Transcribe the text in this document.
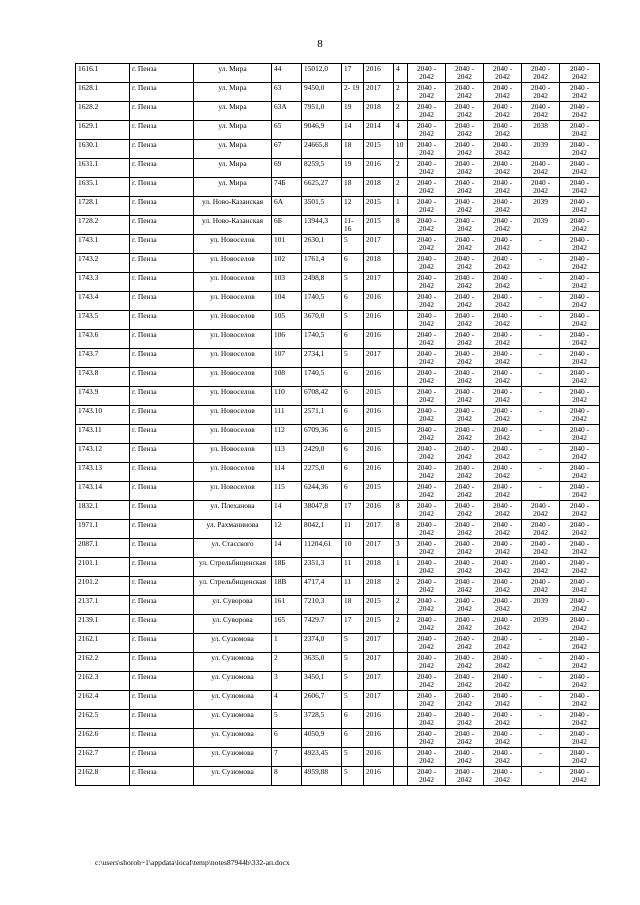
8
1616.1	г. Пенза	ул. Мира	44	15012,0	17	2016	4	2040 - 2042	2040 - 2042	2040 - 2042	2040 - 2042	2040 - 2042
1628.1	г. Пенза	ул. Мира	63	9450,0	2- 19	2017	2	2040 - 2042	2040 - 2042	2040 - 2042	2040 - 2042	2040 - 2042
1628.2	г. Пенза	ул. Мира	63А	7951,0	19	2018	2	2040 - 2042	2040 - 2042	2040 - 2042	2040 - 2042	2040 - 2042
1629.1	г. Пенза	ул. Мира	65	9046,9	14	2014	4	2040 - 2042	2040 - 2042	2040 - 2042	2038	2040 - 2042
1630.1	г. Пенза	ул. Мира	67	24665,8	18	2015	10	2040 - 2042	2040 - 2042	2040 - 2042	2039	2040 - 2042
1631.1	г. Пенза	ул. Мира	69	8259,5	19	2016	2	2040 - 2042	2040 - 2042	2040 - 2042	2040 - 2042	2040 - 2042
1635.1	г. Пенза	ул. Мира	74Б	6625,27	18	2018	2	2040 - 2042	2040 - 2042	2040 - 2042	2040 - 2042	2040 - 2042
1728.1	г. Пенза	ул. Ново-Казанская	6А	3501,5	12	2015	1	2040 - 2042	2040 - 2042	2040 - 2042	2039	2040 - 2042
1728.2	г. Пенза	ул. Ново-Казанская	6Б	13944,3	11- 16	2015	8	2040 - 2042	2040 - 2042	2040 - 2042	2039	2040 - 2042
1743.1	г. Пенза	ул. Новоселов	101	2630,1	5	2017		2040 - 2042	2040 - 2042	2040 - 2042	-	2040 - 2042
1743.2	г. Пенза	ул. Новоселов	102	1761,4	6	2018		2040 - 2042	2040 - 2042	2040 - 2042	-	2040 - 2042
1743.3	г. Пенза	ул. Новоселов	103	2498,8	5	2017		2040 - 2042	2040 - 2042	2040 - 2042	-	2040 - 2042
1743.4	г. Пенза	ул. Новоселов	104	1740,5	6	2016		2040 - 2042	2040 - 2042	2040 - 2042	-	2040 - 2042
1743.5	г. Пенза	ул. Новоселов	105	3670,0	5	2016		2040 - 2042	2040 - 2042	2040 - 2042	-	2040 - 2042
1743.6	г. Пенза	ул. Новоселов	106	1740,5	6	2016		2040 - 2042	2040 - 2042	2040 - 2042	-	2040 - 2042
1743.7	г. Пенза	ул. Новоселов	107	2734,1	5	2017		2040 - 2042	2040 - 2042	2040 - 2042	-	2040 - 2042
1743.8	г. Пенза	ул. Новоселов	108	1740,5	6	2016		2040 - 2042	2040 - 2042	2040 - 2042	-	2040 - 2042
1743.9	г. Пенза	ул. Новоселов	110	6708,42	6	2015		2040 - 2042	2040 - 2042	2040 - 2042	-	2040 - 2042
1743.10	г. Пенза	ул. Новоселов	111	2571,1	6	2016		2040 - 2042	2040 - 2042	2040 - 2042	-	2040 - 2042
1743.11	г. Пенза	ул. Новоселов	112	6709,36	6	2015		2040 - 2042	2040 - 2042	2040 - 2042	-	2040 - 2042
1743.12	г. Пенза	ул. Новоселов	113	2429,0	6	2016		2040 - 2042	2040 - 2042	2040 - 2042	-	2040 - 2042
1743.13	г. Пенза	ул. Новоселов	114	2275,0	6	2016		2040 - 2042	2040 - 2042	2040 - 2042	-	2040 - 2042
1743.14	г. Пенза	ул. Новоселов	115	6244,36	6	2015		2040 - 2042	2040 - 2042	2040 - 2042	-	2040 - 2042
1832.1	г. Пенза	ул. Плеханова	14	38047,8	17	2016	8	2040 - 2042	2040 - 2042	2040 - 2042	2040 - 2042	2040 - 2042
1971.1	г. Пенза	ул. Рахманинова	12	8042,1	11	2017	8	2040 - 2042	2040 - 2042	2040 - 2042	2040 - 2042	2040 - 2042
2087.1	г. Пенза	ул. Стасского	14	11204,61	10	2017	3	2040 - 2042	2040 - 2042	2040 - 2042	2040 - 2042	2040 - 2042
2101.1	г. Пенза	ул. Стрельбищенская	18Б	2351,3	11	2018	1	2040 - 2042	2040 - 2042	2040 - 2042	2040 - 2042	2040 - 2042
2101.2	г. Пенза	ул. Стрельбищенская	18В	4717,4	11	2018	2	2040 - 2042	2040 - 2042	2040 - 2042	2040 - 2042	2040 - 2042
2137.1	г. Пенза	ул. Суворова	161	7210,3	18	2015	2	2040 - 2042	2040 - 2042	2040 - 2042	2039	2040 - 2042
2139.1	г. Пенза	ул. Суворова	165	7429.7	17	2015	2	2040 - 2042	2040 - 2042	2040 - 2042	2039	2040 - 2042
2162.1	г. Пенза	ул. Сузюмова	1	2374,0	5	2017		2040 - 2042	2040 - 2042	2040 - 2042	-	2040 - 2042
2162.2	г. Пенза	ул. Сузюмова	2	3635,0	5	2017		2040 - 2042	2040 - 2042	2040 - 2042	-	2040 - 2042
2162.3	г. Пенза	ул. Сузюмова	3	3450,1	5	2017		2040 - 2042	2040 - 2042	2040 - 2042	-	2040 - 2042
2162.4	г. Пенза	ул. Сузюмова	4	2606,7	5	2017		2040 - 2042	2040 - 2042	2040 - 2042	-	2040 - 2042
2162.5	г. Пенза	ул. Сузюмова	5	3728,5	6	2016		2040 - 2042	2040 - 2042	2040 - 2042	-	2040 - 2042
2162.6	г. Пенза	ул. Сузюмова	6	4050,9	6	2016		2040 - 2042	2040 - 2042	2040 - 2042	-	2040 - 2042
2162.7	г. Пенза	ул. Сузюмова	7	4923,45	5	2016		2040 - 2042	2040 - 2042	2040 - 2042	-	2040 - 2042
2162.8	г. Пенза	ул. Сузюмова	8	4959,88	5	2016		2040 - 2042	2040 - 2042	2040 - 2042	-	2040 - 2042
c:\users\shoroh~1\appdata\local\temp\notes87944b\332-ап.docx
